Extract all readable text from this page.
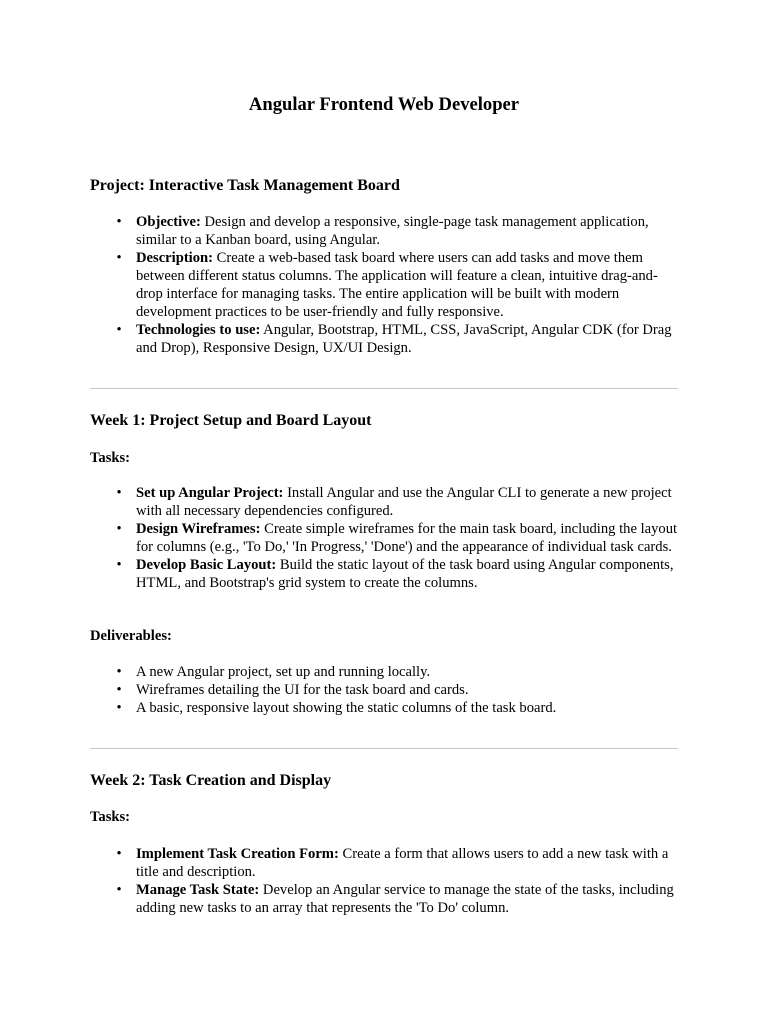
Angular Frontend Web Developer
Project: Interactive Task Management Board
• Objective: Design and develop a responsive, single-page task management application, similar to a Kanban board, using Angular.
• Description: Create a web-based task board where users can add tasks and move them between different status columns. The application will feature a clean, intuitive drag-and-drop interface for managing tasks. The entire application will be built with modern development practices to be user-friendly and fully responsive.
• Technologies to use: Angular, Bootstrap, HTML, CSS, JavaScript, Angular CDK (for Drag and Drop), Responsive Design, UX/UI Design.
Week 1: Project Setup and Board Layout

Tasks:

• Set up Angular Project: Install Angular and use the Angular CLI to generate a new project with all necessary dependencies configured.
• Design Wireframes: Create simple wireframes for the main task board, including the layout for columns (e.g., 'To Do,' 'In Progress,' 'Done') and the appearance of individual task cards.
• Develop Basic Layout: Build the static layout of the task board using Angular components, HTML, and Bootstrap's grid system to create the columns.

Deliverables:

• A new Angular project, set up and running locally.
• Wireframes detailing the UI for the task board and cards.
• A basic, responsive layout showing the static columns of the task board.
Week 2: Task Creation and Display

Tasks:

• Implement Task Creation Form: Create a form that allows users to add a new task with a title and description.
• Manage Task State: Develop an Angular service to manage the state of the tasks, including adding new tasks to an array that represents the 'To Do' column.
